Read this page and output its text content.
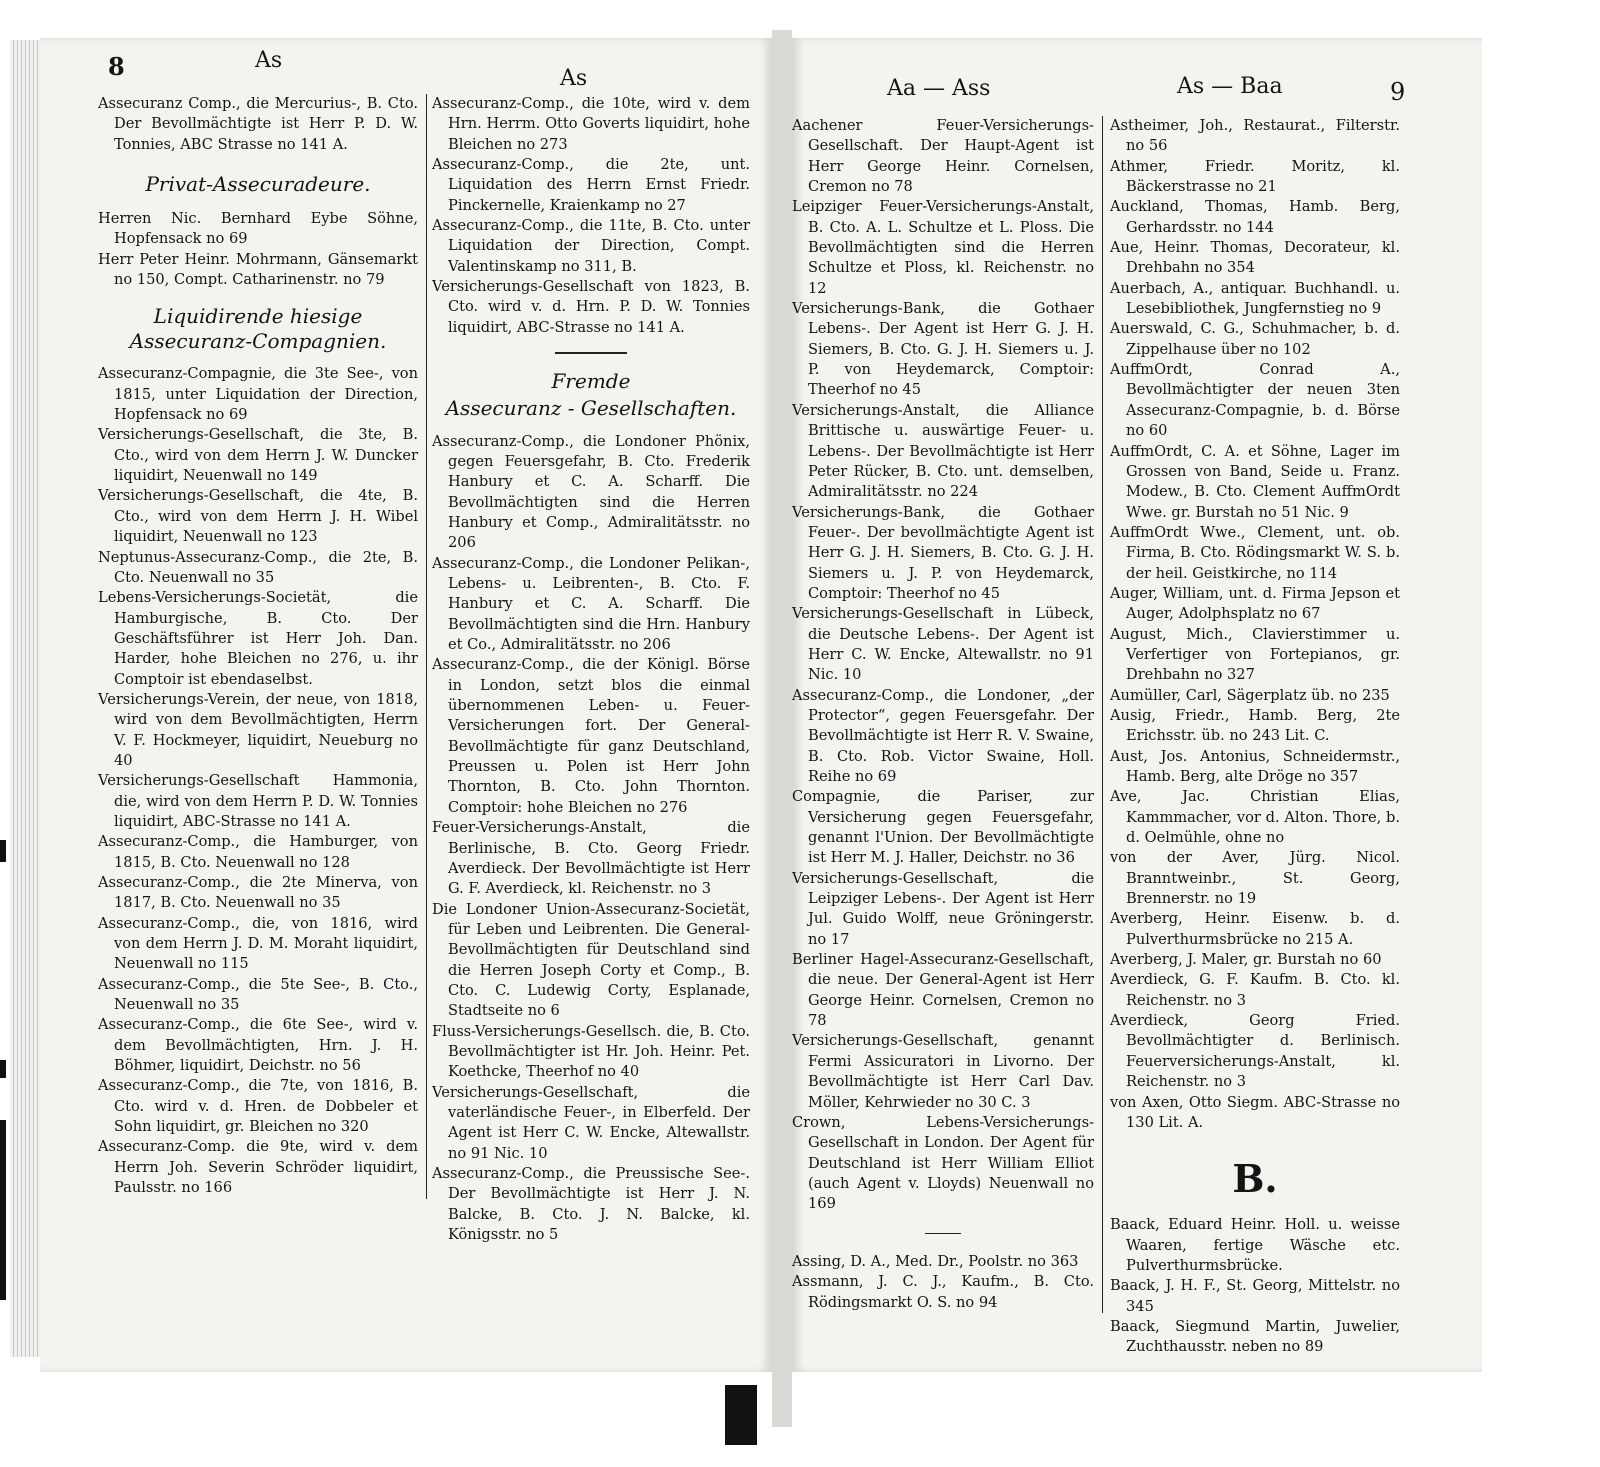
8	As
As

Assecuranz Comp., die Mercurius-, B. Cto. Der Bevollmächtigte ist Herr P. D. W. Tonnies, ABC Strasse no 141 A.

Privat-Assecuradeure.

Herren Nic. Bernhard Eybe Söhne, Hopfensack no 69

Herr Peter Heinr. Mohrmann, Gänsemarkt no 150, Compt. Catharinenstr. no 79

Liquidirende hiesige
Assecuranz-Compagnien.

Assecuranz-Compagnie, die 3te See-, von 1815, unter Liquidation der Direction, Hopfensack no 69

Versicherungs-Gesellschaft, die 3te, B. Cto., wird von dem Herrn J. W. Duncker liquidirt, Neuenwall no 149

Versicherungs-Gesellschaft, die 4te, B. Cto., wird von dem Herrn J. H. Wibel liquidirt, Neuenwall no 123

Neptunus-Assecuranz-Comp., die 2te, B. Cto. Neuenwall no 35

Lebens-Versicherungs-Societät, die Hamburgische, B. Cto. Der Geschäftsführer ist Herr Joh. Dan. Harder, hohe Bleichen no 276, u. ihr Comptoir ist ebendaselbst.

Versicherungs-Verein, der neue, von 1818, wird von dem Bevollmächtigten, Herrn V. F. Hockmeyer, liquidirt, Neueburg no 40

Versicherungs-Gesellschaft Hammonia, die, wird von dem Herrn P. D. W. Tonnies liquidirt, ABC-Strasse no 141 A.

Assecuranz-Comp., die Hamburger, von 1815, B. Cto. Neuenwall no 128

Assecuranz-Comp., die 2te Minerva, von 1817, B. Cto. Neuenwall no 35

Assecuranz-Comp., die, von 1816, wird von dem Herrn J. D. M. Moraht liquidirt, Neuenwall no 115

Assecuranz-Comp., die 5te See-, B. Cto., Neuenwall no 35

Assecuranz-Comp., die 6te See-, wird v. dem Bevollmächtigten, Hrn. J. H. Böhmer, liquidirt, Deichstr. no 56

Assecuranz-Comp., die 7te, von 1816, B. Cto. wird v. d. Hren. de Dobbeler et Sohn liquidirt, gr. Bleichen no 320

Assecuranz-Comp. die 9te, wird v. dem Herrn Joh. Severin Schröder liquidirt, Paulsstr. no 166

Assecuranz-Comp., die 10te, wird v. dem Hrn. Herrm. Otto Goverts liquidirt, hohe Bleichen no 273

Assecuranz-Comp., die 2te, unt. Liquidation des Herrn Ernst Friedr. Pinckernelle, Kraienkamp no 27

Assecuranz-Comp., die 11te, B. Cto. unter Liquidation der Direction, Compt. Valentinskamp no 311, B.

Versicherungs-Gesellschaft von 1823, B. Cto. wird v. d. Hrn. P. D. W. Tonnies liquidirt, ABC-Strasse no 141 A.

Fremde
Assecuranz - Gesellschaften.

Assecuranz-Comp., die Londoner Phönix, gegen Feuersgefahr, B. Cto. Frederik Hanbury et C. A. Scharff. Die Bevollmächtigten sind die Herren Hanbury et Comp., Admiralitätsstr. no 206

Assecuranz-Comp., die Londoner Pelikan-, Lebens- u. Leibrenten-, B. Cto. F. Hanbury et C. A. Scharff. Die Bevollmächtigten sind die Hrn. Hanbury et Co., Admiralitätsstr. no 206

Assecuranz-Comp., die der Königl. Börse in London, setzt blos die einmal übernommenen Leben- u. Feuer-Versicherungen fort. Der General-Bevollmächtigte für ganz Deutschland, Preussen u. Polen ist Herr John Thornton, B. Cto. John Thornton. Comptoir: hohe Bleichen no 276

Feuer-Versicherungs-Anstalt, die Berlinische, B. Cto. Georg Friedr. Averdieck. Der Bevollmächtigte ist Herr G. F. Averdieck, kl. Reichenstr. no 3

Die Londoner Union-Assecuranz-Societät, für Leben und Leibrenten. Die General-Bevollmächtigten für Deutschland sind die Herren Joseph Corty et Comp., B. Cto. C. Ludewig Corty, Esplanade, Stadtseite no 6

Fluss-Versicherungs-Gesellsch. die, B. Cto. Bevollmächtigter ist Hr. Joh. Heinr. Pet. Koethcke, Theerhof no 40

Versicherungs-Gesellschaft, die vaterländische Feuer-, in Elberfeld. Der Agent ist Herr C. W. Encke, Altewallstr. no 91 Nic. 10

Assecuranz-Comp., die Preussische See-. Der Bevollmächtigte ist Herr J. N. Balcke, B. Cto. J. N. Balcke, kl. Königsstr. no 5

Aa — Ass	As — Baa	9

Aachener Feuer-Versicherungs-Gesellschaft. Der Haupt-Agent ist Herr George Heinr. Cornelsen, Cremon no 78

Leipziger Feuer-Versicherungs-Anstalt, B. Cto. A. L. Schultze et L. Ploss. Die Bevollmächtigten sind die Herren Schultze et Ploss, kl. Reichenstr. no 12

Versicherungs-Bank, die Gothaer Lebens-. Der Agent ist Herr G. J. H. Siemers, B. Cto. G. J. H. Siemers u. J. P. von Heydemarck, Comptoir: Theerhof no 45

Versicherungs-Anstalt, die Alliance Brittische u. auswärtige Feuer- u. Lebens-. Der Bevollmächtigte ist Herr Peter Rücker, B. Cto. unt. demselben, Admiralitätsstr. no 224

Versicherungs-Bank, die Gothaer Feuer-. Der bevollmächtigte Agent ist Herr G. J. H. Siemers, B. Cto. G. J. H. Siemers u. J. P. von Heydemarck, Comptoir: Theerhof no 45

Versicherungs-Gesellschaft in Lübeck, die Deutsche Lebens-. Der Agent ist Herr C. W. Encke, Altewallstr. no 91 Nic. 10

Assecuranz-Comp., die Londoner, „der Protector“, gegen Feuersgefahr. Der Bevollmächtigte ist Herr R. V. Swaine, B. Cto. Rob. Victor Swaine, Holl. Reihe no 69

Compagnie, die Pariser, zur Versicherung gegen Feuersgefahr, genannt l'Union. Der Bevollmächtigte ist Herr M. J. Haller, Deichstr. no 36

Versicherungs-Gesellschaft, die Leipziger Lebens-. Der Agent ist Herr Jul. Guido Wolff, neue Gröningerstr. no 17

Berliner Hagel-Assecuranz-Gesellschaft, die neue. Der General-Agent ist Herr George Heinr. Cornelsen, Cremon no 78

Versicherungs-Gesellschaft, genannt Fermi Assicuratori in Livorno. Der Bevollmächtigte ist Herr Carl Dav. Möller, Kehrwieder no 30 C. 3

Crown, Lebens-Versicherungs-Gesellschaft in London. Der Agent für Deutschland ist Herr William Elliot (auch Agent v. Lloyds) Neuenwall no 169

Assing, D. A., Med. Dr., Poolstr. no 363

Assmann, J. C. J., Kaufm., B. Cto. Rödingsmarkt O. S. no 94

Astheimer, Joh., Restaurat., Filterstr. no 56

Athmer, Friedr. Moritz, kl. Bäckerstrasse no 21

Auckland, Thomas, Hamb. Berg, Gerhardsstr. no 144

Aue, Heinr. Thomas, Decorateur, kl. Drehbahn no 354

Auerbach, A., antiquar. Buchhandl. u. Lesebibliothek, Jungfernstieg no 9

Auerswald, C. G., Schuhmacher, b. d. Zippelhause über no 102

AuffmOrdt, Conrad A., Bevollmächtigter der neuen 3ten Assecuranz-Compagnie, b. d. Börse no 60

AuffmOrdt, C. A. et Söhne, Lager im Grossen von Band, Seide u. Franz. Modew., B. Cto. Clement AuffmOrdt Wwe. gr. Burstah no 51 Nic. 9

AuffmOrdt Wwe., Clement, unt. ob. Firma, B. Cto. Rödingsmarkt W. S. b. der heil. Geistkirche, no 114

Auger, William, unt. d. Firma Jepson et Auger, Adolphsplatz no 67

August, Mich., Clavierstimmer u. Verfertiger von Fortepianos, gr. Drehbahn no 327

Aumüller, Carl, Sägerplatz üb. no 235

Ausig, Friedr., Hamb. Berg, 2te Erichsstr. üb. no 243 Lit. C.

Aust, Jos. Antonius, Schneidermstr., Hamb. Berg, alte Dröge no 357

Ave, Jac. Christian Elias, Kammmacher, vor d. Alton. Thore, b. d. Oelmühle, ohne no

von der Aver, Jürg. Nicol. Branntweinbr., St. Georg, Brennerstr. no 19

Averberg, Heinr. Eisenw. b. d. Pulverthurmsbrücke no 215 A.

Averberg, J. Maler, gr. Burstah no 60

Averdieck, G. F. Kaufm. B. Cto. kl. Reichenstr. no 3

Averdieck, Georg Fried. Bevollmächtigter d. Berlinisch. Feuerversicherungs-Anstalt, kl. Reichenstr. no 3

von Axen, Otto Siegm. ABC-Strasse no 130 Lit. A.

B.

Baack, Eduard Heinr. Holl. u. weisse Waaren, fertige Wäsche etc. Pulverthurmsbrücke.

Baack, J. H. F., St. Georg, Mittelstr. no 345

Baack, Siegmund Martin, Juwelier, Zuchthausstr. neben no 89
